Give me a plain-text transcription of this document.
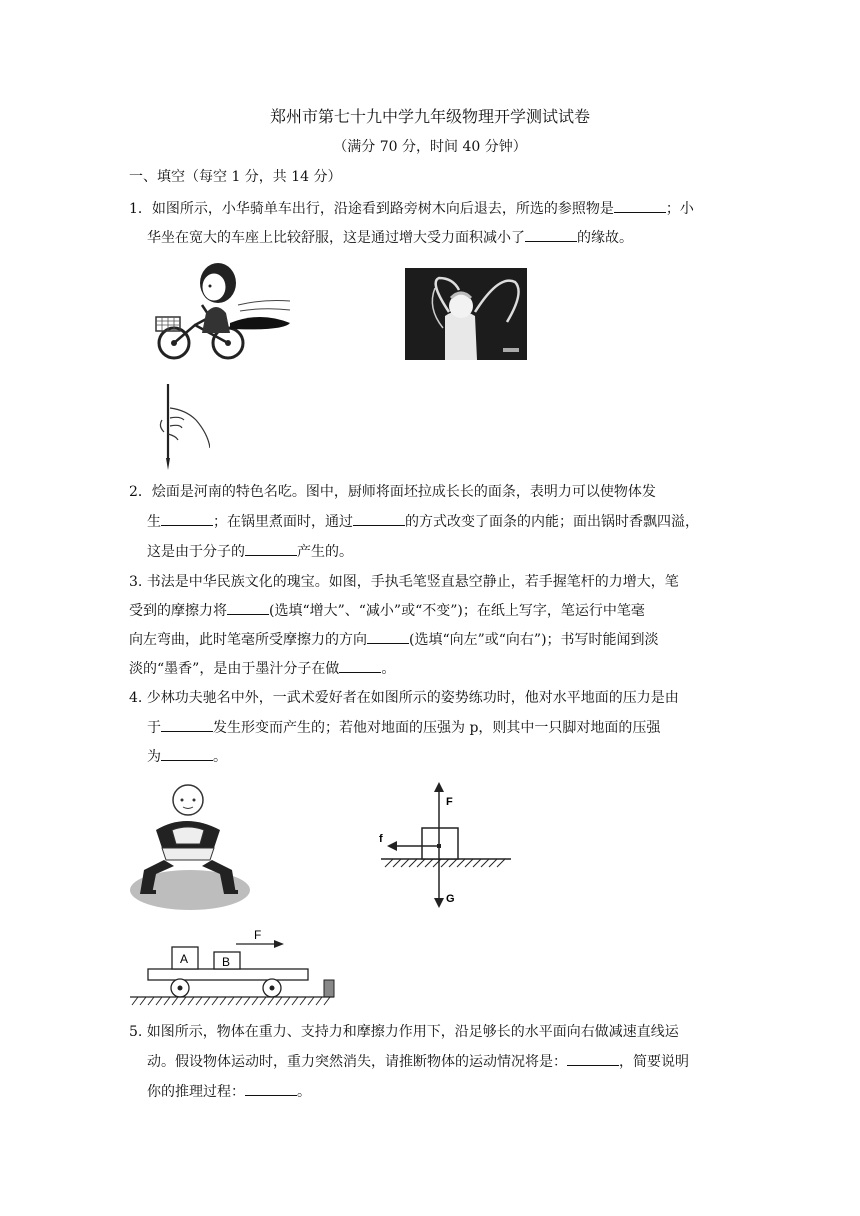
郑州市第七十九中学九年级物理开学测试试卷
（满分 70 分，时间 40 分钟）
一、填空（每空 1 分，共 14 分）
1．如图所示，小华骑单车出行，沿途看到路旁树木向后退去，所选的参照物是	；小
华坐在宽大的车座上比较舒服，这是通过增大受力面积减小了	的缘故。
2．烩面是河南的特色名吃。图中，厨师将面坯拉成长长的面条，表明力可以使物体发
生	；在锅里煮面时，通过	的方式改变了面条的内能；面出锅时香飘四溢，
这是由于分子的	产生的。
3. 书法是中华民族文化的瑰宝。如图，手执毛笔竖直悬空静止，若手握笔杆的力增大，笔
受到的摩擦力将	(选填“增大”、“减小”或“不变”)；在纸上写字，笔运行中笔毫
向左弯曲，此时笔毫所受摩擦力的方向	(选填“向左”或“向右”)；书写时能闻到淡
淡的“墨香”，是由于墨汁分子在做	。
4. 少林功夫驰名中外，一武术爱好者在如图所示的姿势练功时，他对水平地面的压力是由
于	发生形变而产生的；若他对地面的压强为 p，则其中一只脚对地面的压强
为	。
F
f
G
A	B
F
5. 如图所示，物体在重力、支持力和摩擦力作用下，沿足够长的水平面向右做减速直线运
动。假设物体运动时，重力突然消失，请推断物体的运动情况将是：	，简要说明
你的推理过程：	。
